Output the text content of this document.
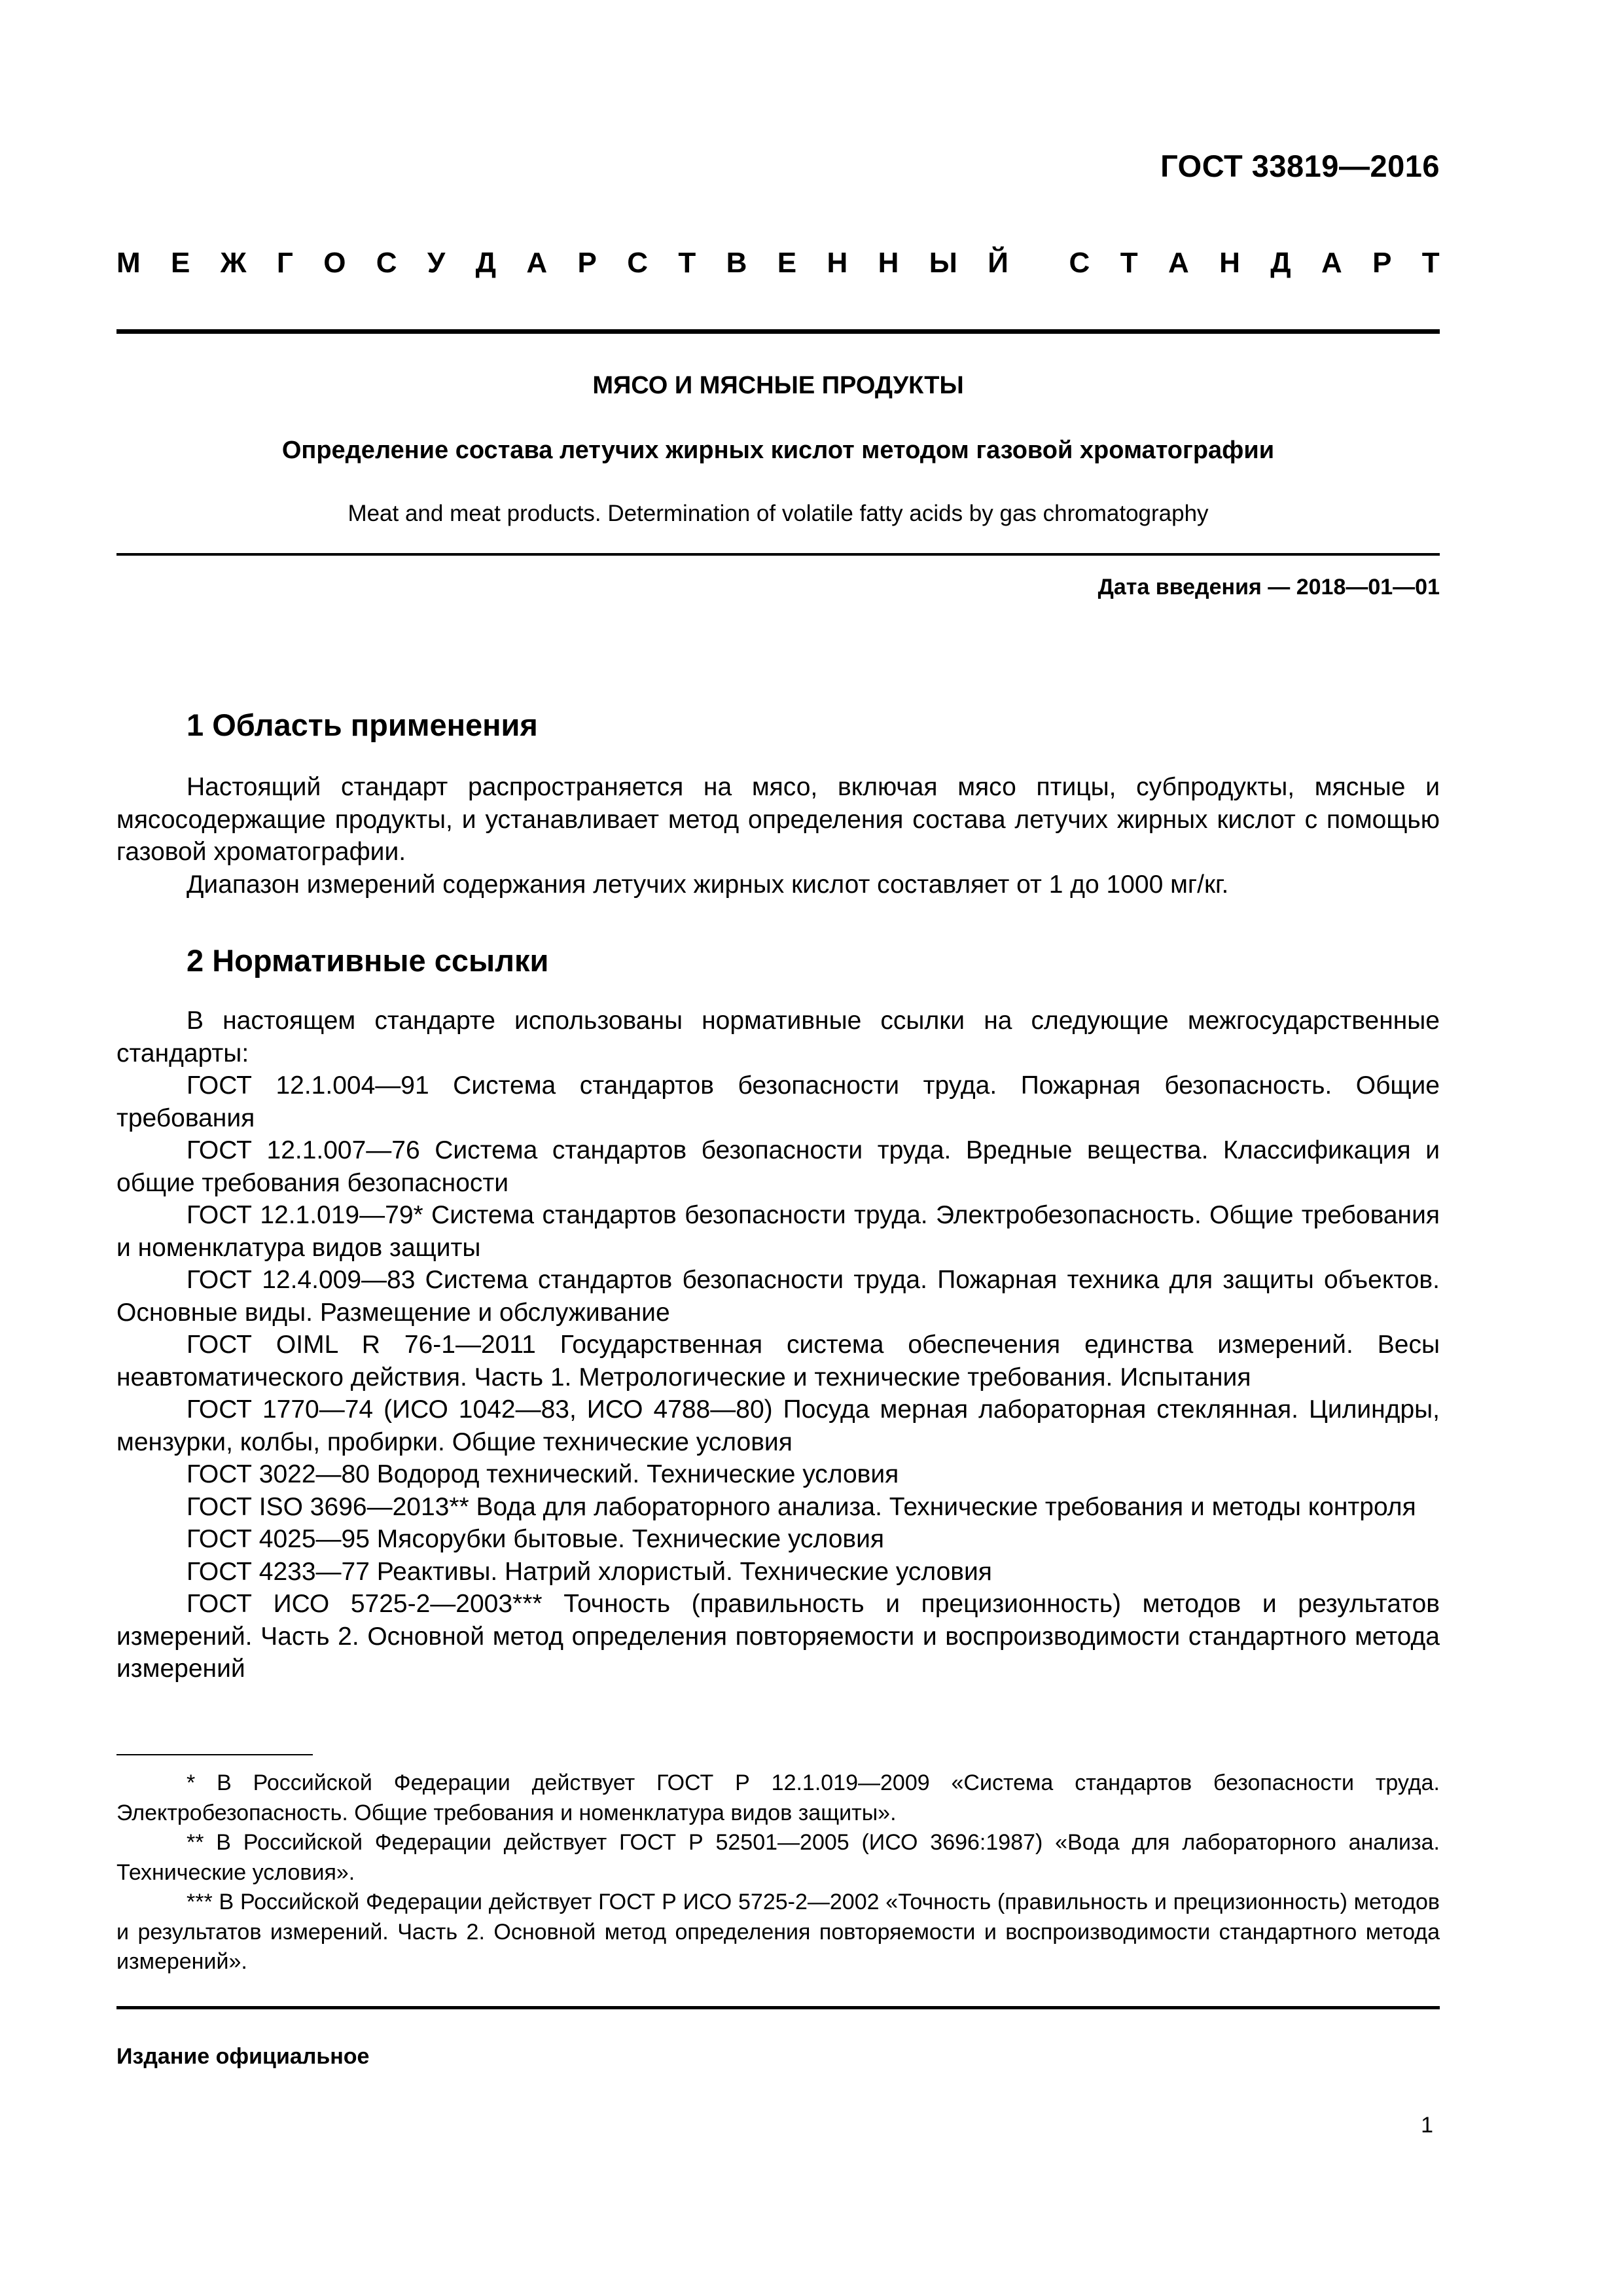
ГОСТ 33819—2016
М Е Ж Г О С У Д А Р С Т В Е Н Н Ы Й С Т А Н Д А Р Т
МЯСО И МЯСНЫЕ ПРОДУКТЫ
Определение состава летучих жирных кислот методом газовой хроматографии
Meat and meat products. Determination of volatile fatty acids by gas chromatography
Дата введения — 2018—01—01
1 Область применения

Настоящий стандарт распространяется на мясо, включая мясо птицы, субпродукты, мясные и мясосодержащие продукты, и устанавливает метод определения состава летучих жирных кислот с помощью газовой хроматографии.

Диапазон измерений содержания летучих жирных кислот составляет от 1 до 1000 мг/кг.

2 Нормативные ссылки

В настоящем стандарте использованы нормативные ссылки на следующие межгосударственные стандарты:

ГОСТ 12.1.004—91 Система стандартов безопасности труда. Пожарная безопасность. Общие требования

ГОСТ 12.1.007—76 Система стандартов безопасности труда. Вредные вещества. Классификация и общие требования безопасности

ГОСТ 12.1.019—79* Система стандартов безопасности труда. Электробезопасность. Общие требования и номенклатура видов защиты

ГОСТ 12.4.009—83 Система стандартов безопасности труда. Пожарная техника для защиты объектов. Основные виды. Размещение и обслуживание

ГОСТ OIML R 76-1—2011 Государственная система обеспечения единства измерений. Весы неавтоматического действия. Часть 1. Метрологические и технические требования. Испытания

ГОСТ 1770—74 (ИСО 1042—83, ИСО 4788—80) Посуда мерная лабораторная стеклянная. Цилиндры, мензурки, колбы, пробирки. Общие технические условия

ГОСТ 3022—80 Водород технический. Технические условия

ГОСТ ISO 3696—2013** Вода для лабораторного анализа. Технические требования и методы контроля

ГОСТ 4025—95 Мясорубки бытовые. Технические условия

ГОСТ 4233—77 Реактивы. Натрий хлористый. Технические условия

ГОСТ ИСО 5725-2—2003*** Точность (правильность и прецизионность) методов и результатов измерений. Часть 2. Основной метод определения повторяемости и воспроизводимости стандартного метода измерений

* В Российской Федерации действует ГОСТ Р 12.1.019—2009 «Система стандартов безопасности труда. Электробезопасность. Общие требования и номенклатура видов защиты».

** В Российской Федерации действует ГОСТ Р 52501—2005 (ИСО 3696:1987) «Вода для лабораторного анализа. Технические условия».

*** В Российской Федерации действует ГОСТ Р ИСО 5725-2—2002 «Точность (правильность и прецизионность) методов и результатов измерений. Часть 2. Основной метод определения повторяемости и воспроизводимости стандартного метода измерений».

Издание официальное
1
